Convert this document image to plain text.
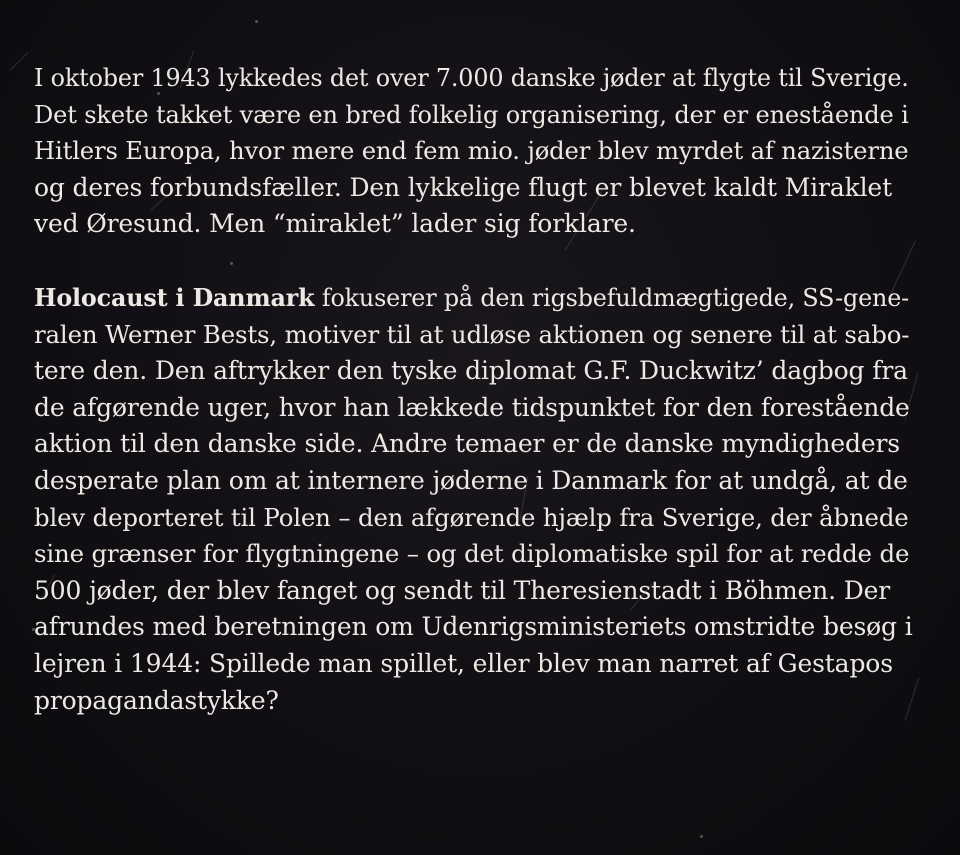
I oktober 1943 lykkedes det over 7.000 danske jøder at flygte til Sverige.
Det skete takket være en bred folkelig organisering, der er enestående i
Hitlers Europa, hvor mere end fem mio. jøder blev myrdet af nazisterne
og deres forbundsfæller. Den lykkelige flugt er blevet kaldt Miraklet
ved Øresund. Men “miraklet” lader sig forklare.
Holocaust i Danmark fokuserer på den rigsbefuldmægtigede, SS-gene-
ralen Werner Bests, motiver til at udløse aktionen og senere til at sabo-
tere den. Den aftrykker den tyske diplomat G.F. Duckwitz’ dagbog fra
de afgørende uger, hvor han lækkede tidspunktet for den forestående
aktion til den danske side. Andre temaer er de danske myndigheders
desperate plan om at internere jøderne i Danmark for at undgå, at de
blev deporteret til Polen – den afgørende hjælp fra Sverige, der åbnede
sine grænser for flygtningene – og det diplomatiske spil for at redde de
500 jøder, der blev fanget og sendt til Theresienstadt i Böhmen. Der
afrundes med beretningen om Udenrigsministeriets omstridte besøg i
lejren i 1944: Spillede man spillet, eller blev man narret af Gestapos
propagandastykke?
